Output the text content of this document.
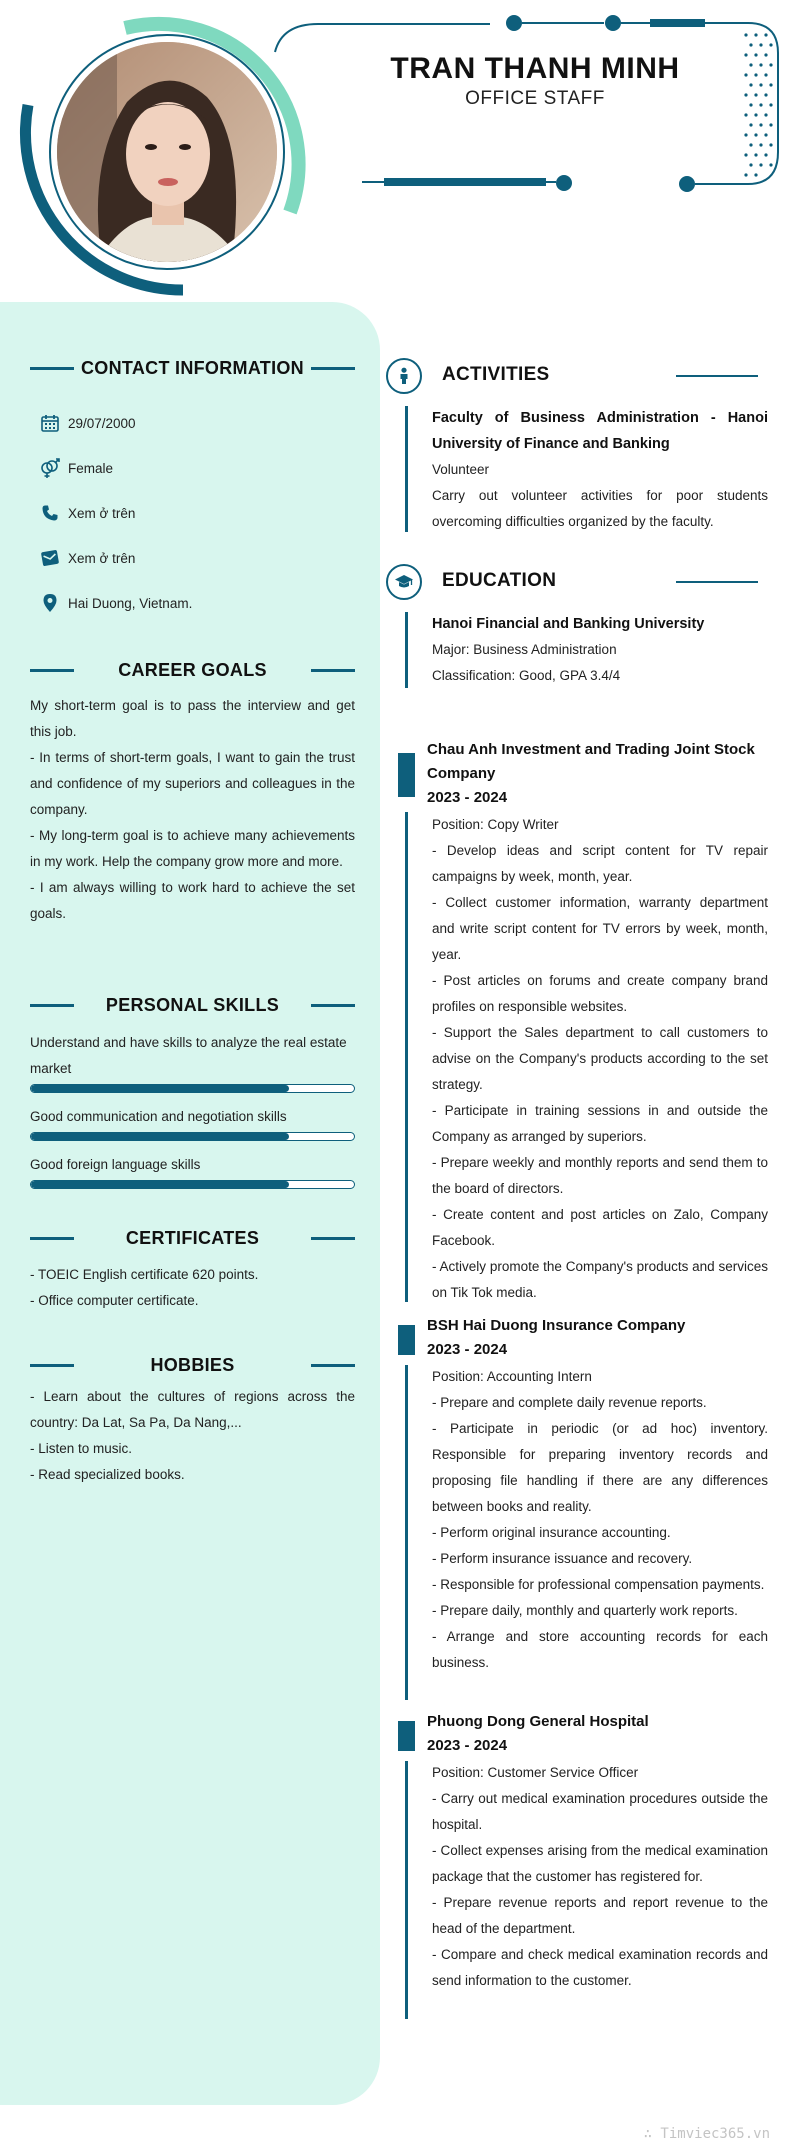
TRAN THANH MINH
OFFICE STAFF
CONTACT INFORMATION
29/07/2000
Female
Xem ở trên
Xem ở trên
Hai Duong, Vietnam.
CAREER GOALS

My short-term goal is to pass the interview and get this job.

- In terms of short-term goals, I want to gain the trust and confidence of my superiors and colleagues in the company.

- My long-term goal is to achieve many achievements in my work. Help the company grow more and more.

- I am always willing to work hard to achieve the set goals.

PERSONAL SKILLS
Understand and have skills to analyze the real estate market
Good communication and negotiation skills
Good foreign language skills
CERTIFICATES

- TOEIC English certificate 620 points.

- Office computer certificate.

HOBBIES

- Learn about the cultures of regions across the country: Da Lat, Sa Pa, Da Nang,...

- Listen to music.

- Read specialized books.

ACTIVITIES

Faculty of Business Administration - Hanoi University of Finance and Banking

Volunteer

Carry out volunteer activities for poor students overcoming difficulties organized by the faculty.

EDUCATION

Hanoi Financial and Banking University

Major: Business Administration

Classification: Good, GPA 3.4/4

Chau Anh Investment and Trading Joint Stock Company
2023 - 2024

Position: Copy Writer

- Develop ideas and script content for TV repair campaigns by week, month, year.

- Collect customer information, warranty department and write script content for TV errors by week, month, year.

- Post articles on forums and create company brand profiles on responsible websites.

- Support the Sales department to call customers to advise on the Company's products according to the set strategy.

- Participate in training sessions in and outside the Company as arranged by superiors.

- Prepare weekly and monthly reports and send them to the board of directors.

- Create content and post articles on Zalo, Company Facebook.

- Actively promote the Company's products and services on Tik Tok media.

BSH Hai Duong Insurance Company
2023 - 2024

Position: Accounting Intern

- Prepare and complete daily revenue reports.

- Participate in periodic (or ad hoc) inventory. Responsible for preparing inventory records and proposing file handling if there are any differences between books and reality.

- Perform original insurance accounting.

- Perform insurance issuance and recovery.

- Responsible for professional compensation payments.

- Prepare daily, monthly and quarterly work reports.

- Arrange and store accounting records for each business.

Phuong Dong General Hospital
2023 - 2024

Position: Customer Service Officer

- Carry out medical examination procedures outside the hospital.

- Collect expenses arising from the medical examination package that the customer has registered for.

- Prepare revenue reports and report revenue to the head of the department.

- Compare and check medical examination records and send information to the customer.

∴ Timviec365.vn
